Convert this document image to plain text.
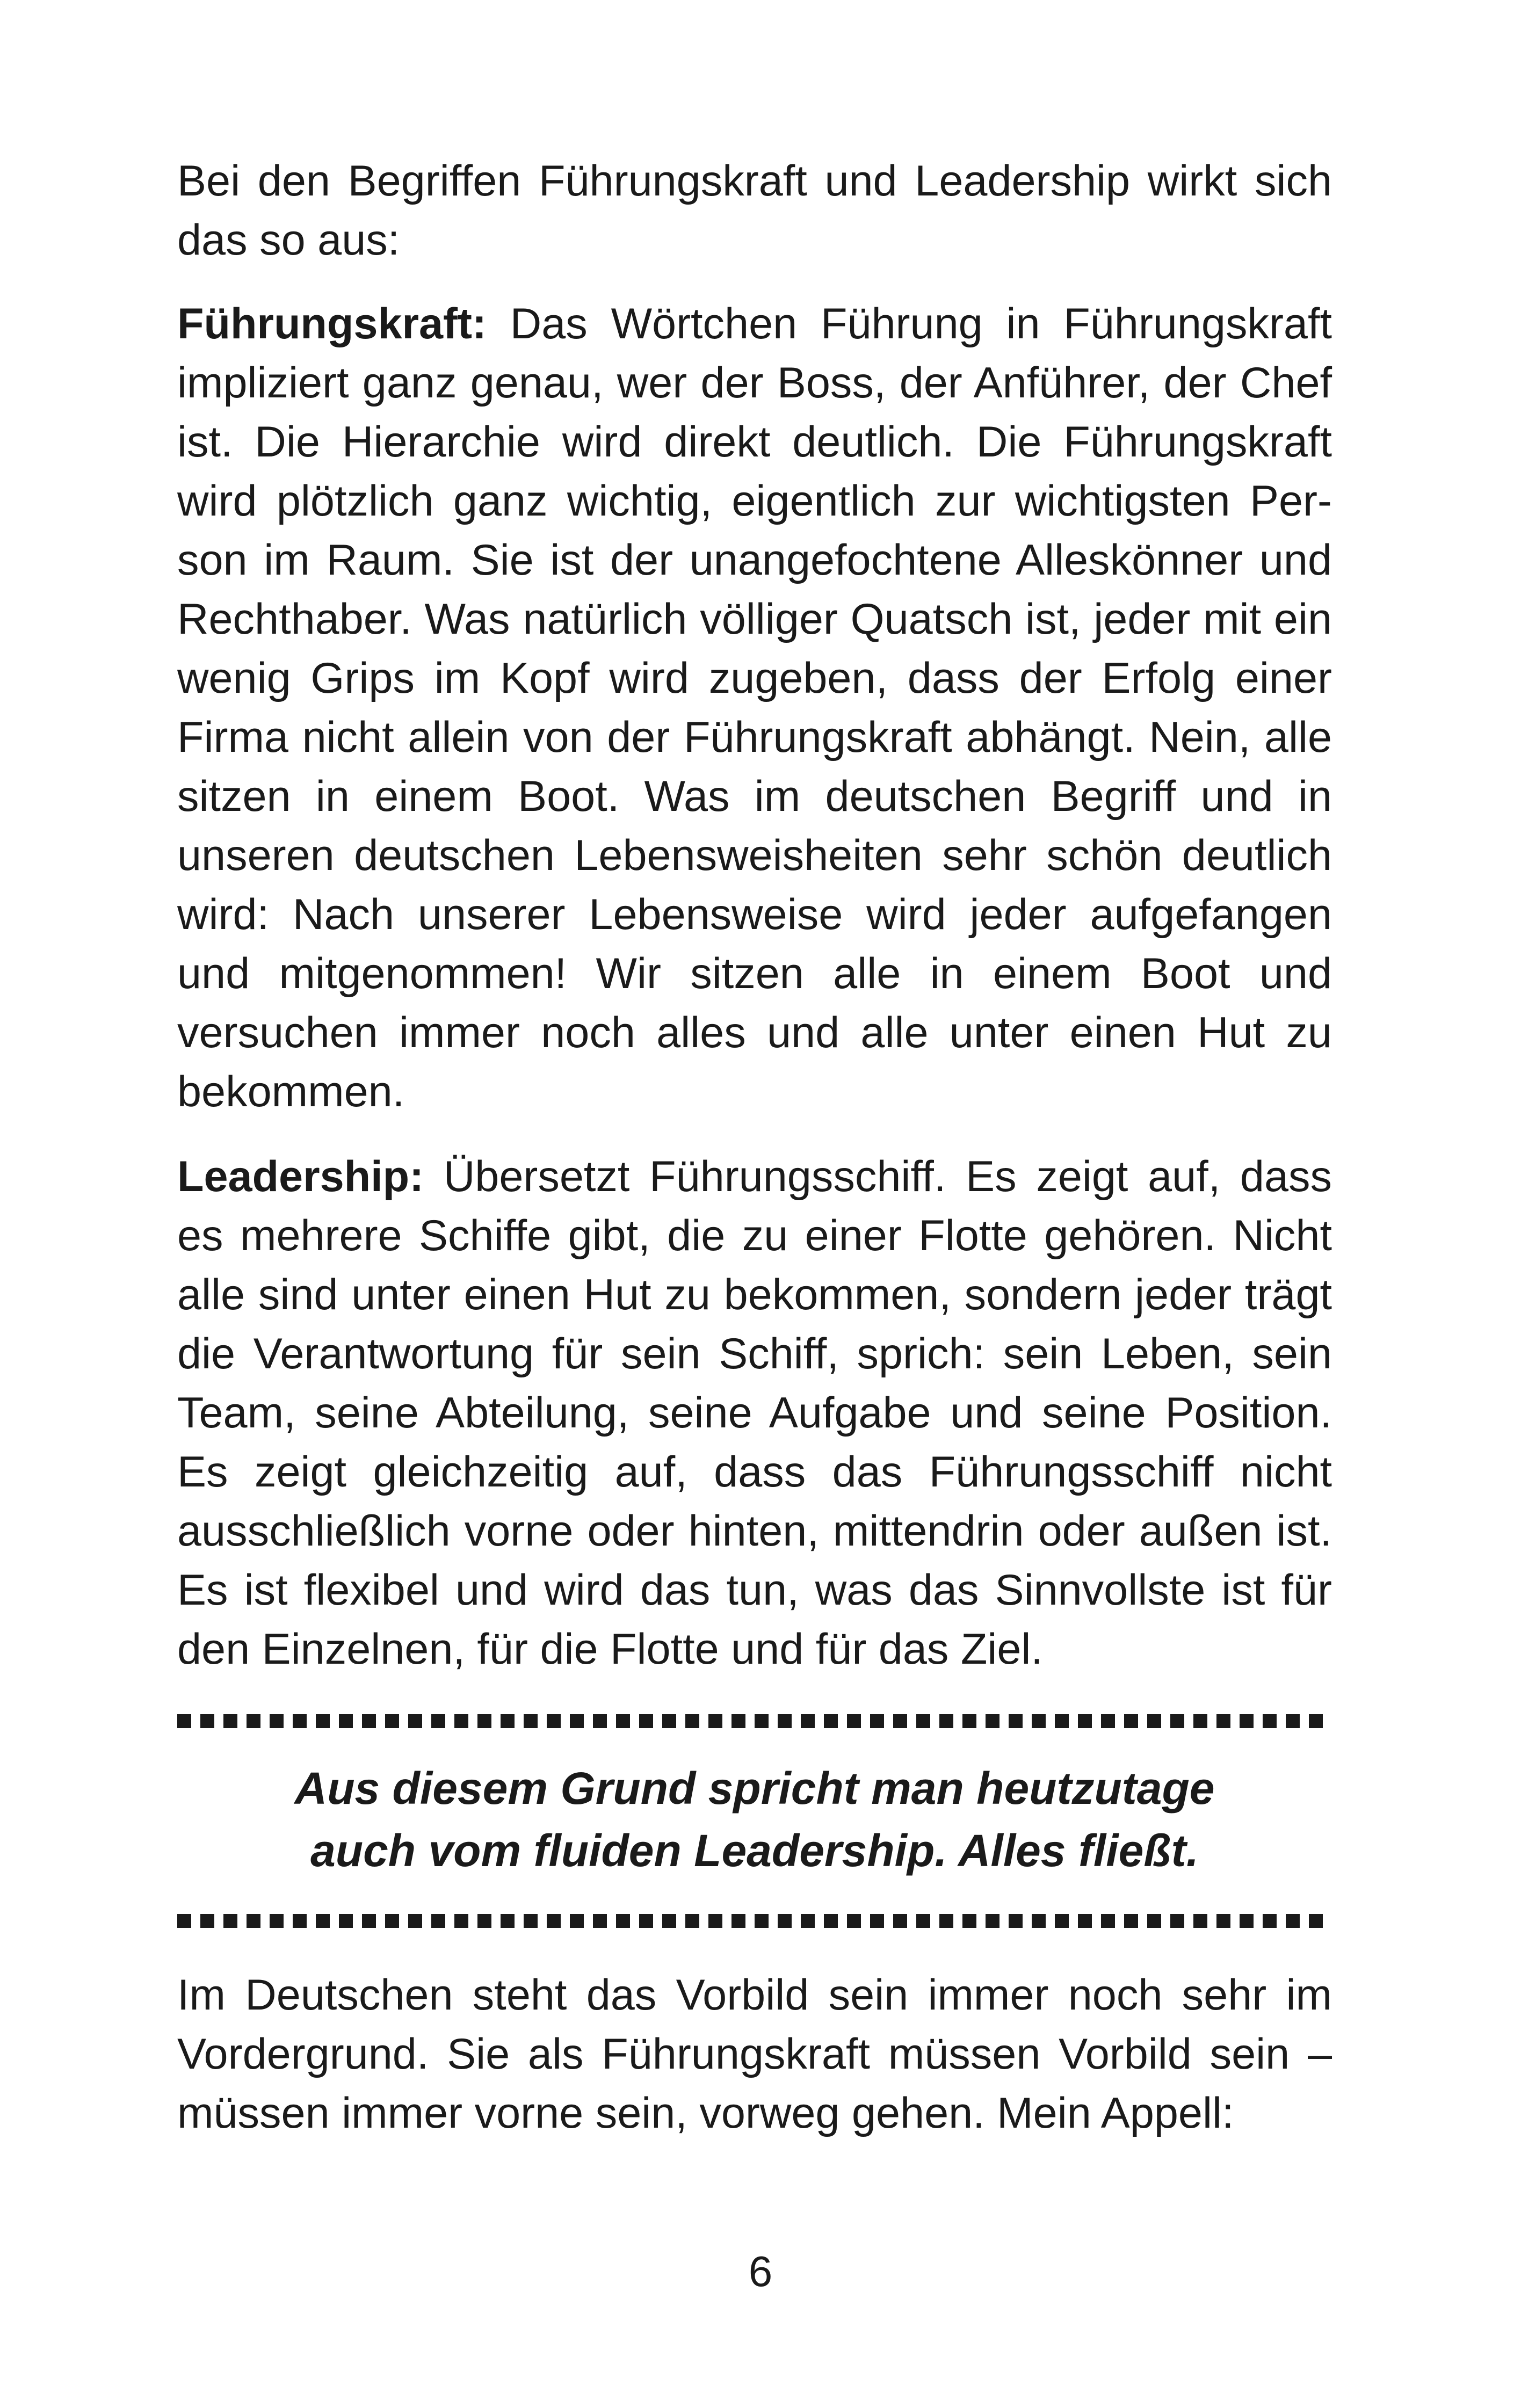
Bei den Begriffen Führungskraft und Leadership wirkt sich das so aus:

Führungskraft: Das Wörtchen Führung in Führungskraft impliziert ganz genau, wer der Boss, der Anführer, der Chef ist. Die Hierarchie wird direkt deutlich. Die Führungskraft wird plötzlich ganz wichtig, eigentlich zur wichtigsten Person im Raum. Sie ist der unangefochtene Alleskönner und Rechthaber. Was natürlich völliger Quatsch ist, jeder mit ein wenig Grips im Kopf wird zugeben, dass der Erfolg einer Firma nicht allein von der Führungskraft abhängt. Nein, alle sitzen in einem Boot. Was im deutschen Begriff und in unseren deutschen Lebensweisheiten sehr schön deutlich wird: Nach unserer Lebensweise wird jeder aufgefangen und mitgenommen! Wir sitzen alle in einem Boot und versuchen immer noch alles und alle unter einen Hut zu bekommen.

Leadership: Übersetzt Führungsschiff. Es zeigt auf, dass es mehrere Schiffe gibt, die zu einer Flotte gehören. Nicht alle sind unter einen Hut zu bekommen, sondern jeder trägt die Verantwortung für sein Schiff, sprich: sein Leben, sein Team, seine Abteilung, seine Aufgabe und seine Position. Es zeigt gleichzeitig auf, dass das Führungsschiff nicht ausschließlich vorne oder hinten, mittendrin oder außen ist. Es ist flexibel und wird das tun, was das Sinnvollste ist für den Einzelnen, für die Flotte und für das Ziel.

Aus diesem Grund spricht man heutzutage
auch vom fluiden Leadership. Alles fließt.

Im Deutschen steht das Vorbild sein immer noch sehr im Vordergrund. Sie als Führungskraft müssen Vorbild sein – müssen immer vorne sein, vorweg gehen. Mein Appell:

6
